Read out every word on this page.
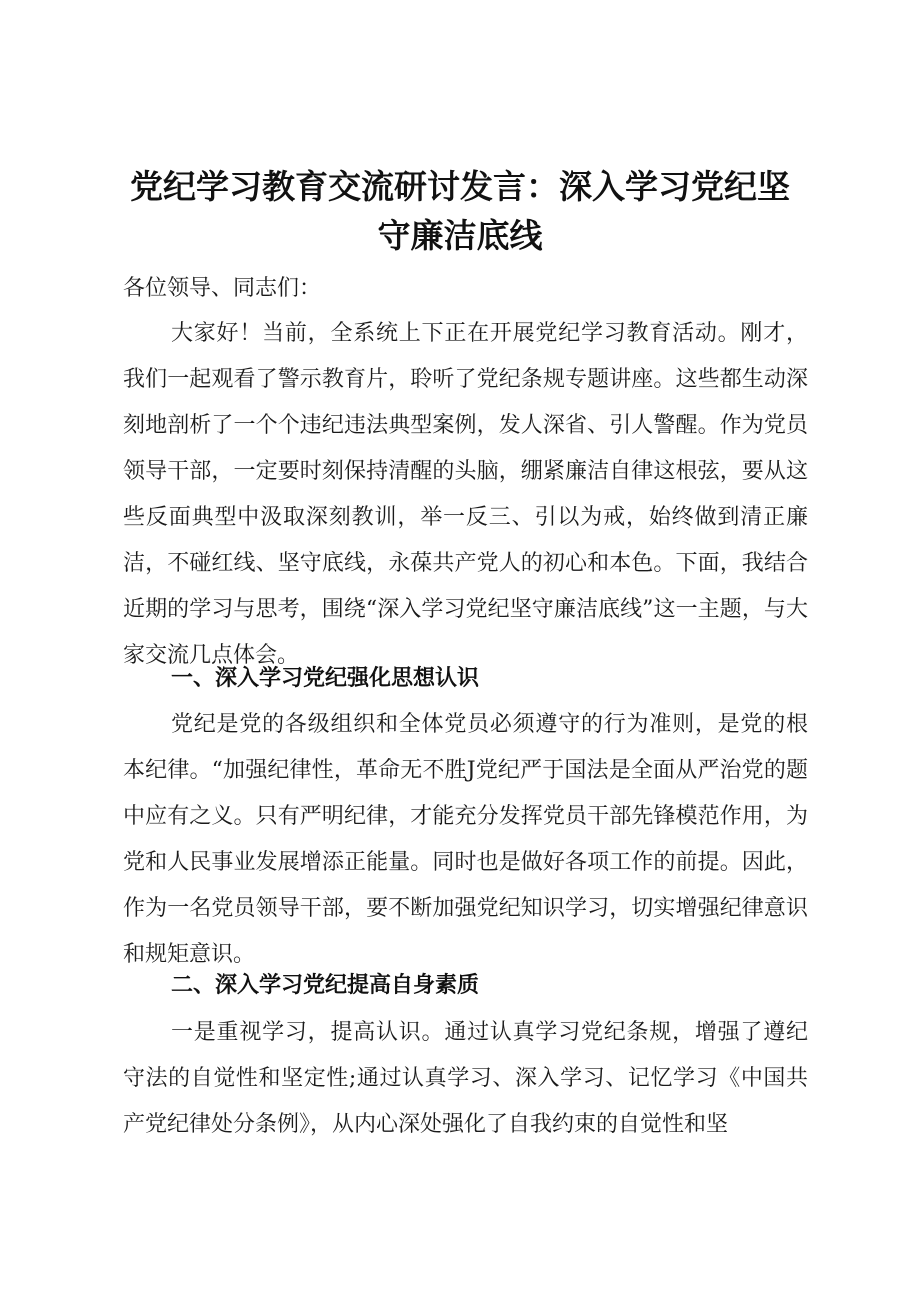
党纪学习教育交流研讨发言：深入学习党纪坚
守廉洁底线

各位领导、同志们：

大家好！当前，全系统上下正在开展党纪学习教育活动。刚才，我们一起观看了警示教育片，聆听了党纪条规专题讲座。这些都生动深刻地剖析了一个个违纪违法典型案例，发人深省、引人警醒。作为党员领导干部，一定要时刻保持清醒的头脑，绷紧廉洁自律这根弦，要从这些反面典型中汲取深刻教训，举一反三、引以为戒，始终做到清正廉洁，不碰红线、坚守底线，永葆共产党人的初心和本色。下面，我结合近期的学习与思考，围绕“深入学习党纪坚守廉洁底线”这一主题，与大家交流几点体会。

一、深入学习党纪强化思想认识

党纪是党的各级组织和全体党员必须遵守的行为准则，是党的根本纪律。“加强纪律性，革命无不胜J党纪严于国法是全面从严治党的题中应有之义。只有严明纪律，才能充分发挥党员干部先锋模范作用，为党和人民事业发展增添正能量。同时也是做好各项工作的前提。因此，作为一名党员领导干部，要不断加强党纪知识学习，切实增强纪律意识和规矩意识。

二、深入学习党纪提高自身素质

一是重视学习，提高认识。通过认真学习党纪条规，增强了遵纪守法的自觉性和坚定性;通过认真学习、深入学习、记忆学习《中国共产党纪律处分条例》，从内心深处强化了自我约束的自觉性和坚
